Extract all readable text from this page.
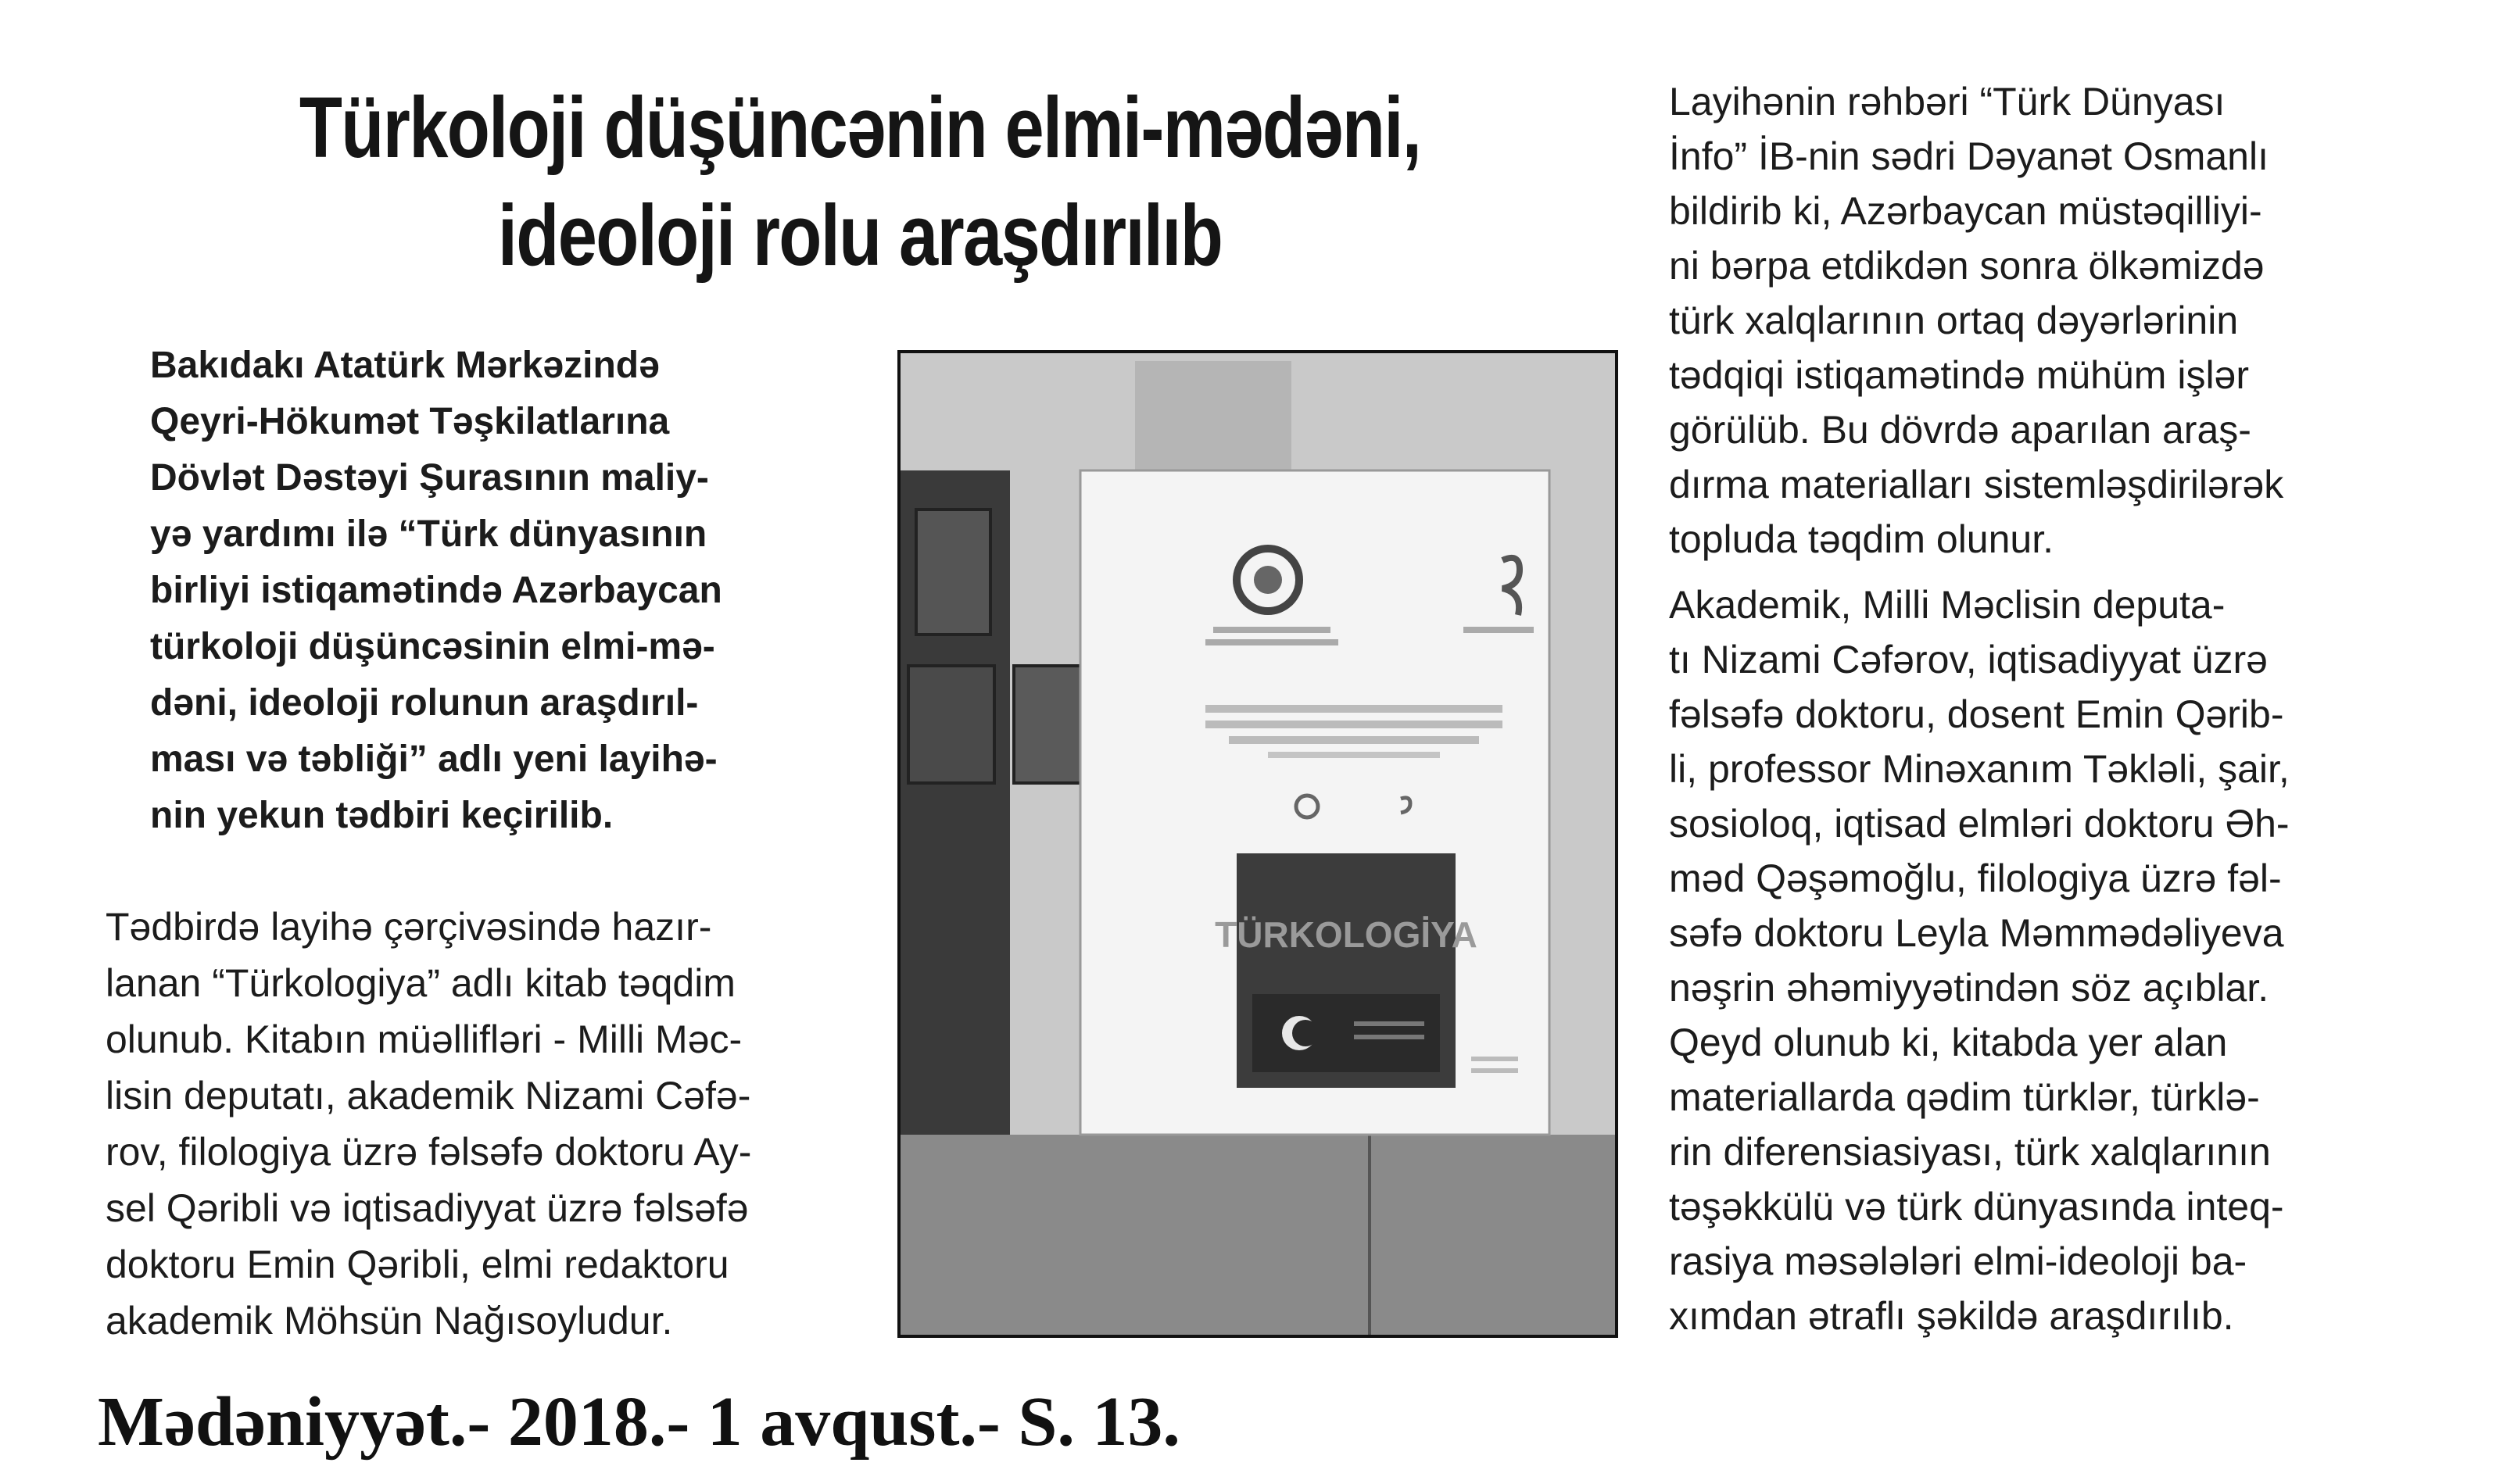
Türkoloji düşüncənin elmi-mədəni,
ideoloji rolu araşdırılıb
Bakıdakı Atatürk Mərkəzində
Qeyri-Hökumət Təşkilatlarına
Dövlət Dəstəyi Şurasının maliy-
yə yardımı ilə “Türk dünyasının
birliyi istiqamətində Azərbaycan
türkoloji düşüncəsinin elmi-mə-
dəni, ideoloji rolunun araşdırıl-
ması və təbliği” adlı yeni layihə-
nin yekun tədbiri keçirilib.
TÜRKOLOGİYA
Tədbirdə layihə çərçivəsində hazır-
lanan “Türkologiya” adlı kitab təqdim
olunub. Kitabın müəllifləri - Milli Məc-
lisin deputatı, akademik Nizami Cəfə-
rov, filologiya üzrə fəlsəfə doktoru Ay-
sel Qəribli və iqtisadiyyat üzrə fəlsəfə
doktoru Emin Qəribli, elmi redaktoru
akademik Möhsün Nağısoyludur.
Layihənin rəhbəri “Türk Dünyası
İnfo” İB-nin sədri Dəyanət Osmanlı
bildirib ki, Azərbaycan müstəqilliyi-
ni bərpa etdikdən sonra ölkəmizdə
türk xalqlarının ortaq dəyərlərinin
tədqiqi istiqamətində mühüm işlər
görülüb. Bu dövrdə aparılan araş-
dırma materialları sistemləşdirilərək
topluda təqdim olunur.
Akademik, Milli Məclisin deputa-
tı Nizami Cəfərov, iqtisadiyyat üzrə
fəlsəfə doktoru, dosent Emin Qərib-
li, professor Minəxanım Təkləli, şair,
sosioloq, iqtisad elmləri doktoru Əh-
məd Qəşəmoğlu, filologiya üzrə fəl-
səfə doktoru Leyla Məmmədəliyeva
nəşrin əhəmiyyətindən söz açıblar.
Qeyd olunub ki, kitabda yer alan
materiallarda qədim türklər, türklə-
rin diferensiasiyası, türk xalqlarının
təşəkkülü və türk dünyasında inteq-
rasiya məsələləri elmi-ideoloji ba-
xımdan ətraflı şəkildə araşdırılıb.
Mədəniyyət.- 2018.- 1 avqust.- S. 13.
